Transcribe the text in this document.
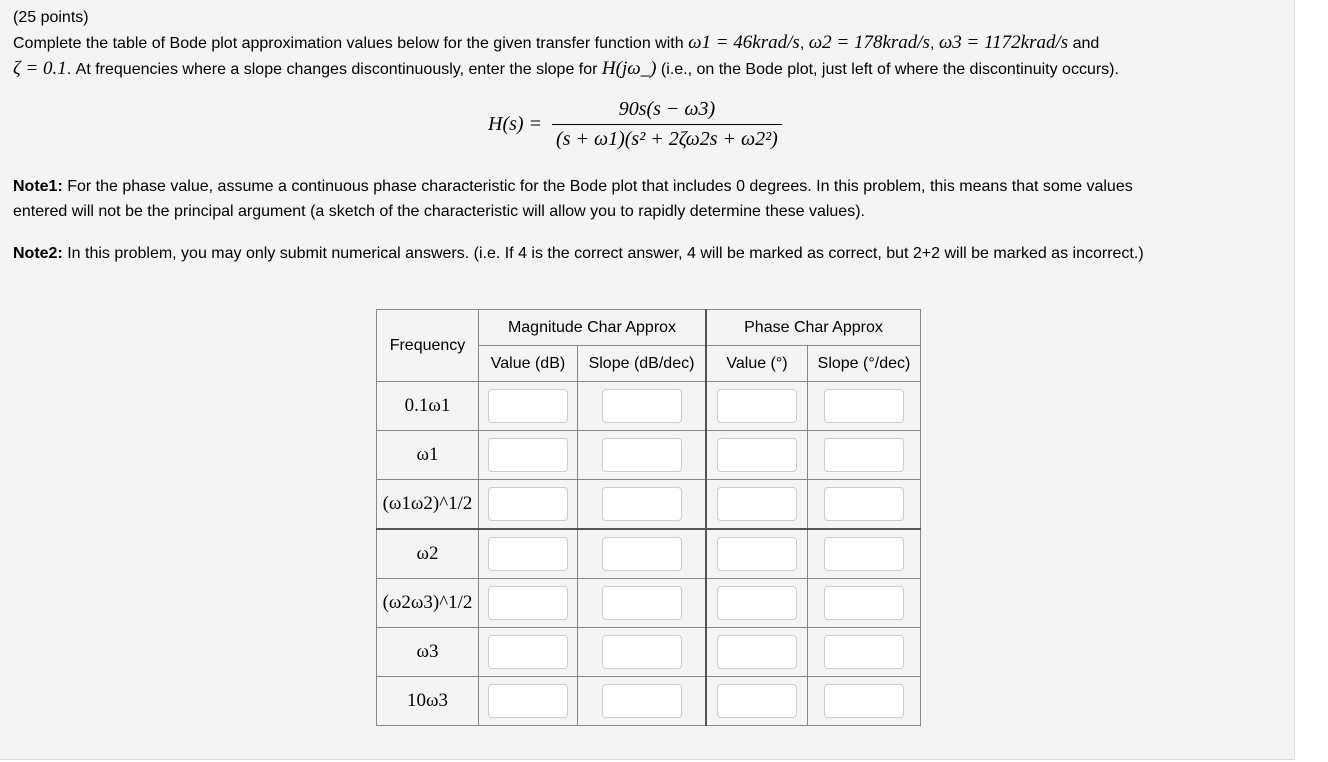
(25 points)
Complete the table of Bode plot approximation values below for the given transfer function with ω1 = 46krad/s, ω2 = 178krad/s, ω3 = 1172krad/s and
ζ = 0.1. At frequencies where a slope changes discontinuously, enter the slope for H(jω_) (i.e., on the Bode plot, just left of where the discontinuity occurs).
$H(s) = \frac{90s(s - \omega 3)}{\text{(s + ω1)(s² + 2ζω2s + ω2²)}}$
Note1: For the phase value, assume a continuous phase characteristic for the Bode plot that includes 0 degrees. In this problem, this means that some values
entered will not be the principal argument (a sketch of the characteristic will allow you to rapidly determine these values).
Note2: In this problem, you may only submit numerical answers. (i.e. If 4 is the correct answer, 4 will be marked as correct, but 2+2 will be marked as incorrect.)
Frequency	Magnitude Char Approx		Phase Char Approx	
	Value (dB)	Slope (dB/dec)	Value (°)	Slope (°/dec)
0.1ω1				
ω1				
(ω1ω2)^1/2				
ω2				
(ω2ω3)^1/2				
ω3				
10ω3				
